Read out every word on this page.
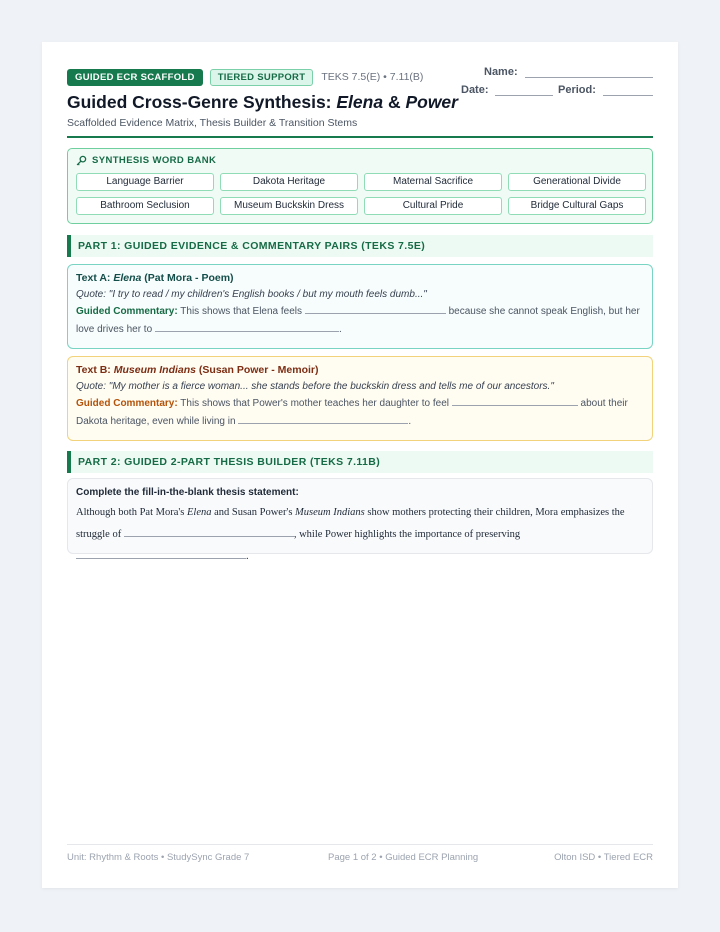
GUIDED ECR SCAFFOLD	TIERED SUPPORT	TEKS 7.5(E) • 7.11(B)
Guided Cross-Genre Synthesis: Elena & Power
Scaffolded Evidence Matrix, Thesis Builder & Transition Stems
Name:
Date:	Period:
SYNTHESIS WORD BANK
Language Barrier	Dakota Heritage	Maternal Sacrifice	Generational Divide
Bathroom Seclusion	Museum Buckskin Dress	Cultural Pride	Bridge Cultural Gaps
PART 1: GUIDED EVIDENCE & COMMENTARY PAIRS (TEKS 7.5E)
Text A: Elena (Pat Mora - Poem)
Quote: "I try to read / my children's English books / but my mouth feels dumb..."
Guided Commentary: This shows that Elena feels	because she cannot speak English, but her love drives her to	.
Text B: Museum Indians (Susan Power - Memoir)
Quote: "My mother is a fierce woman... she stands before the buckskin dress and tells me of our ancestors."
Guided Commentary: This shows that Power's mother teaches her daughter to feel	about their Dakota heritage, even while living in	.
PART 2: GUIDED 2-PART THESIS BUILDER (TEKS 7.11B)
Complete the fill-in-the-blank thesis statement:
Although both Pat Mora's Elena and Susan Power's Museum Indians show mothers protecting their children, Mora emphasizes the struggle of	, while Power highlights the importance of preserving .
Unit: Rhythm & Roots • StudySync Grade 7	Page 1 of 2 • Guided ECR Planning	Olton ISD • Tiered ECR
